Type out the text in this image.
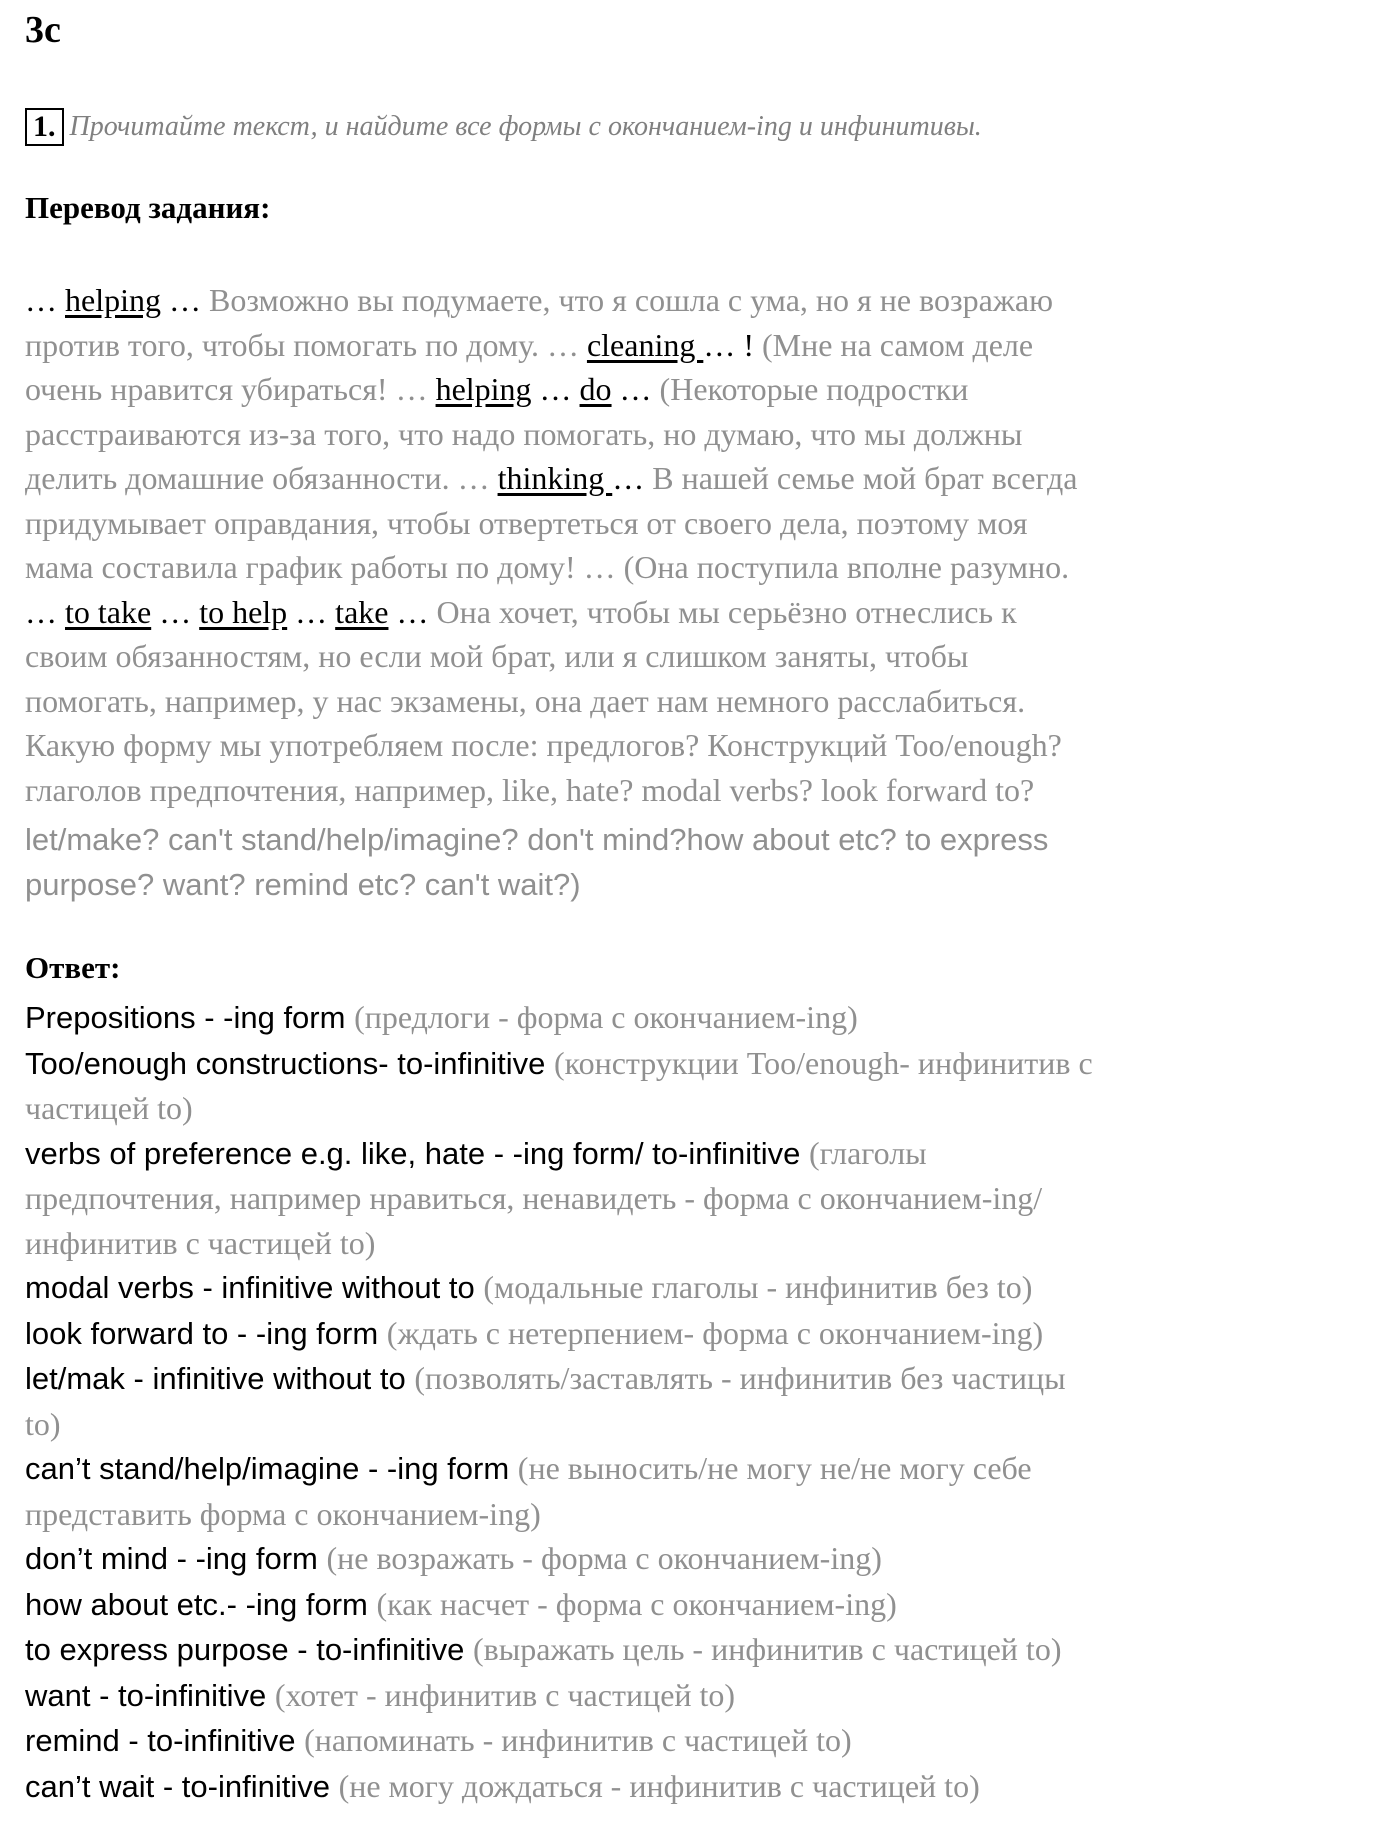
3c
1. Прочитайте текст, и найдите все формы с окончанием-ing и инфинитивы.
Перевод задания:
… helping … Возможно вы подумаете, что я сошла с ума, но я не возражаю
против того, чтобы помогать по дому. … cleaning … ! (Мне на самом деле
очень нравится убираться! … helping … do … (Некоторые подростки
расстраиваются из-за того, что надо помогать, но думаю, что мы должны
делить домашние обязанности. … thinking … В нашей семье мой брат всегда
придумывает оправдания, чтобы отвертеться от своего дела, поэтому моя
мама составила график работы по дому! … (Она поступила вполне разумно.
… to take … to help … take … Она хочет, чтобы мы серьёзно отнеслись к
своим обязанностям, но если мой брат, или я слишком заняты, чтобы
помогать, например, у нас экзамены, она дает нам немного расслабиться.
Какую форму мы употребляем после: предлогов? Конструкций Too/enough?
глаголов предпочтения, например, like, hate? modal verbs? look forward to?
let/make? can't stand/help/imagine? don't mind?how about etc? to express
purpose? want? remind etc? can't wait?)
Ответ:
Prepositions - -ing form (предлоги - форма с окончанием-ing)
Too/enough constructions- to-infinitive (конструкции Too/enough- инфинитив с
частицей to)
verbs of preference e.g. like, hate - -ing form/ to-infinitive (глаголы
предпочтения, например нравиться, ненавидеть - форма с окончанием-ing/
инфинитив с частицей to)
modal verbs - infinitive without to (модальные глаголы - инфинитив без to)
look forward to - -ing form (ждать с нетерпением- форма с окончанием-ing)
let/mak - infinitive without to (позволять/заставлять - инфинитив без частицы
to)
can’t stand/help/imagine - -ing form (не выносить/не могу не/не могу себе
представить форма с окончанием-ing)
don’t mind - -ing form (не возражать - форма с окончанием-ing)
how about etc.- -ing form (как насчет - форма с окончанием-ing)
to express purpose - to-infinitive (выражать цель - инфинитив с частицей to)
want - to-infinitive (хотет - инфинитив с частицей to)
remind - to-infinitive (напоминать - инфинитив с частицей to)
can’t wait - to-infinitive (не могу дождаться - инфинитив с частицей to)
